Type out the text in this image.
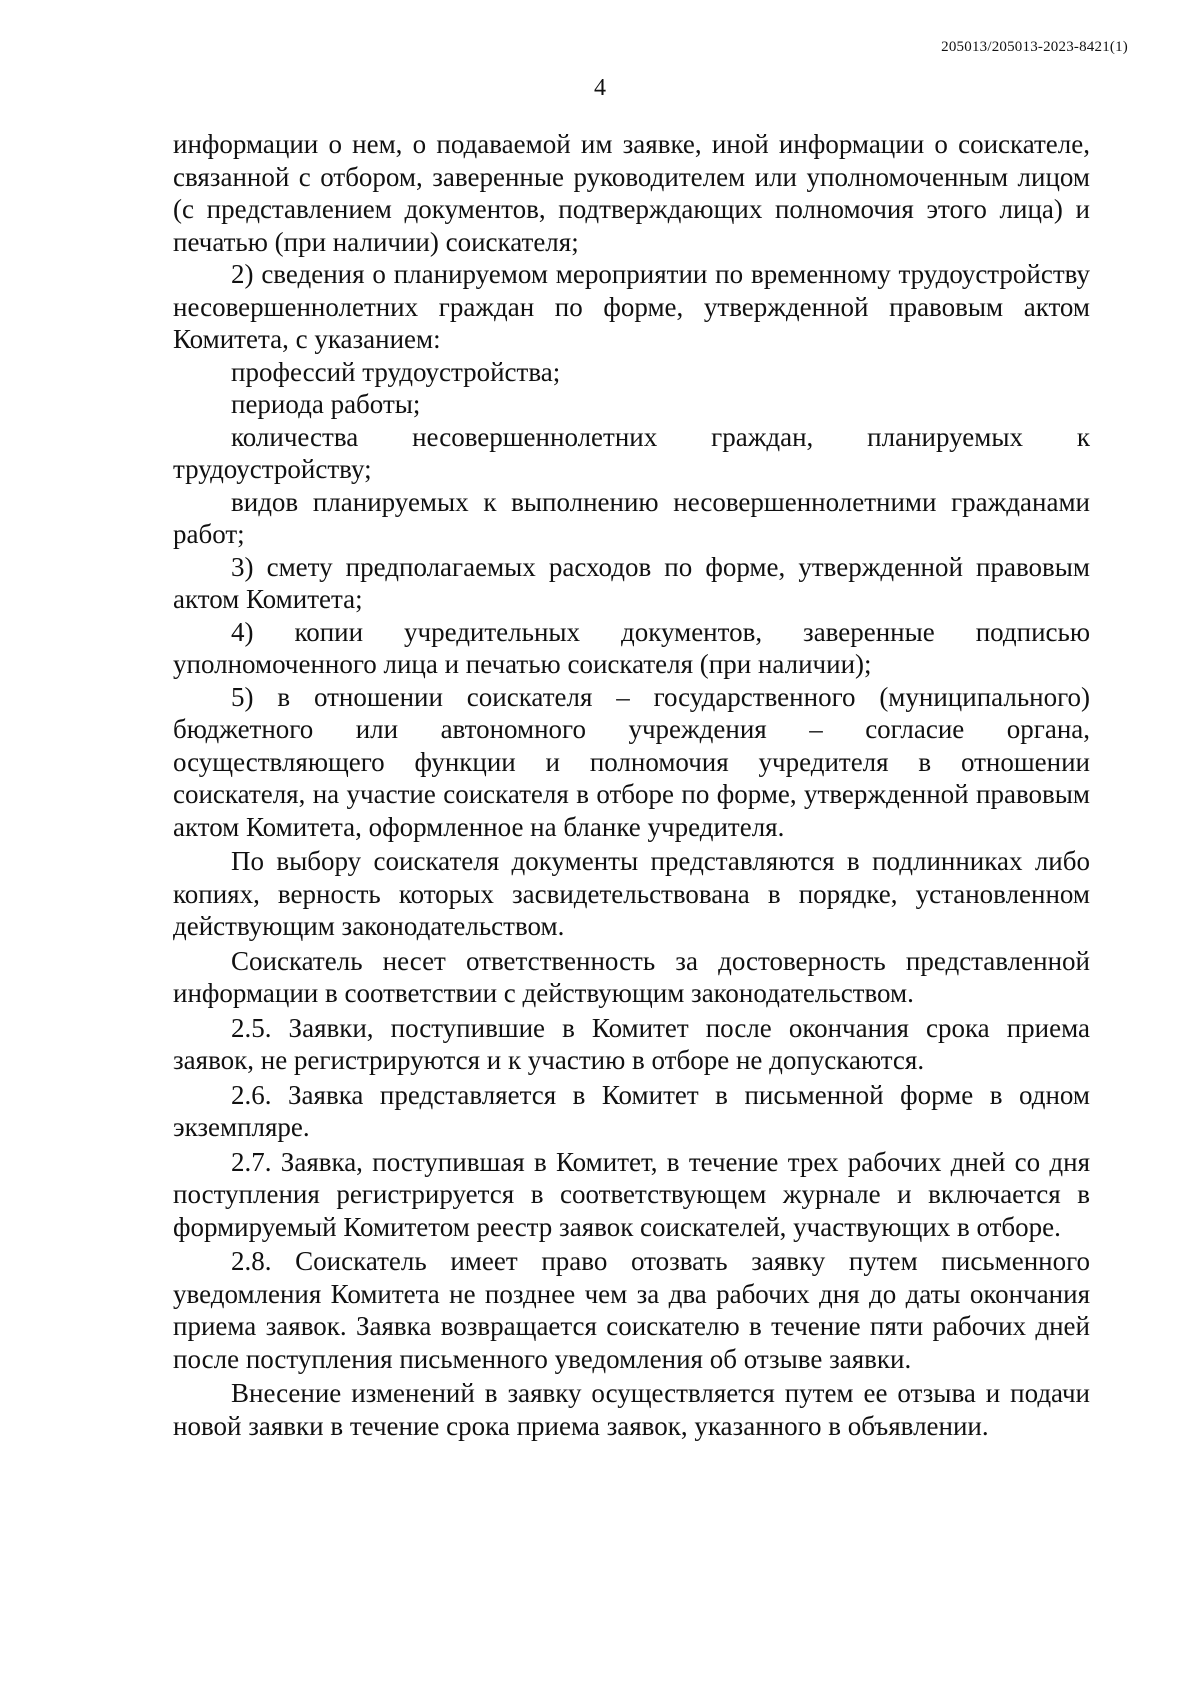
205013/205013-2023-8421(1)
4

информации о нем, о подаваемой им заявке, иной информации о соискателе, связанной с отбором, заверенные руководителем или уполномоченным лицом (с представлением документов, подтверждающих полномочия этого лица) и печатью (при наличии) соискателя;

2) сведения о планируемом мероприятии по временному трудоустройству несовершеннолетних граждан по форме, утвержденной правовым актом Комитета, с указанием:

профессий трудоустройства;

периода работы;

количества несовершеннолетних граждан, планируемых к трудоустройству;

видов планируемых к выполнению несовершеннолетними гражданами работ;

3) смету предполагаемых расходов по форме, утвержденной правовым актом Комитета;

4) копии учредительных документов, заверенные подписью уполномоченного лица и печатью соискателя (при наличии);

5) в отношении соискателя – государственного (муниципального) бюджетного или автономного учреждения – согласие органа, осуществляющего функции и полномочия учредителя в отношении соискателя, на участие соискателя в отборе по форме, утвержденной правовым актом Комитета, оформленное на бланке учредителя.

По выбору соискателя документы представляются в подлинниках либо копиях, верность которых засвидетельствована в порядке, установленном действующим законодательством.

Соискатель несет ответственность за достоверность представленной информации в соответствии с действующим законодательством.

2.5. Заявки, поступившие в Комитет после окончания срока приема заявок, не регистрируются и к участию в отборе не допускаются.

2.6. Заявка представляется в Комитет в письменной форме в одном экземпляре.

2.7. Заявка, поступившая в Комитет, в течение трех рабочих дней со дня поступления регистрируется в соответствующем журнале и включается в формируемый Комитетом реестр заявок соискателей, участвующих в отборе.

2.8. Соискатель имеет право отозвать заявку путем письменного уведомления Комитета не позднее чем за два рабочих дня до даты окончания приема заявок. Заявка возвращается соискателю в течение пяти рабочих дней после поступления письменного уведомления об отзыве заявки.

Внесение изменений в заявку осуществляется путем ее отзыва и подачи новой заявки в течение срока приема заявок, указанного в объявлении.
